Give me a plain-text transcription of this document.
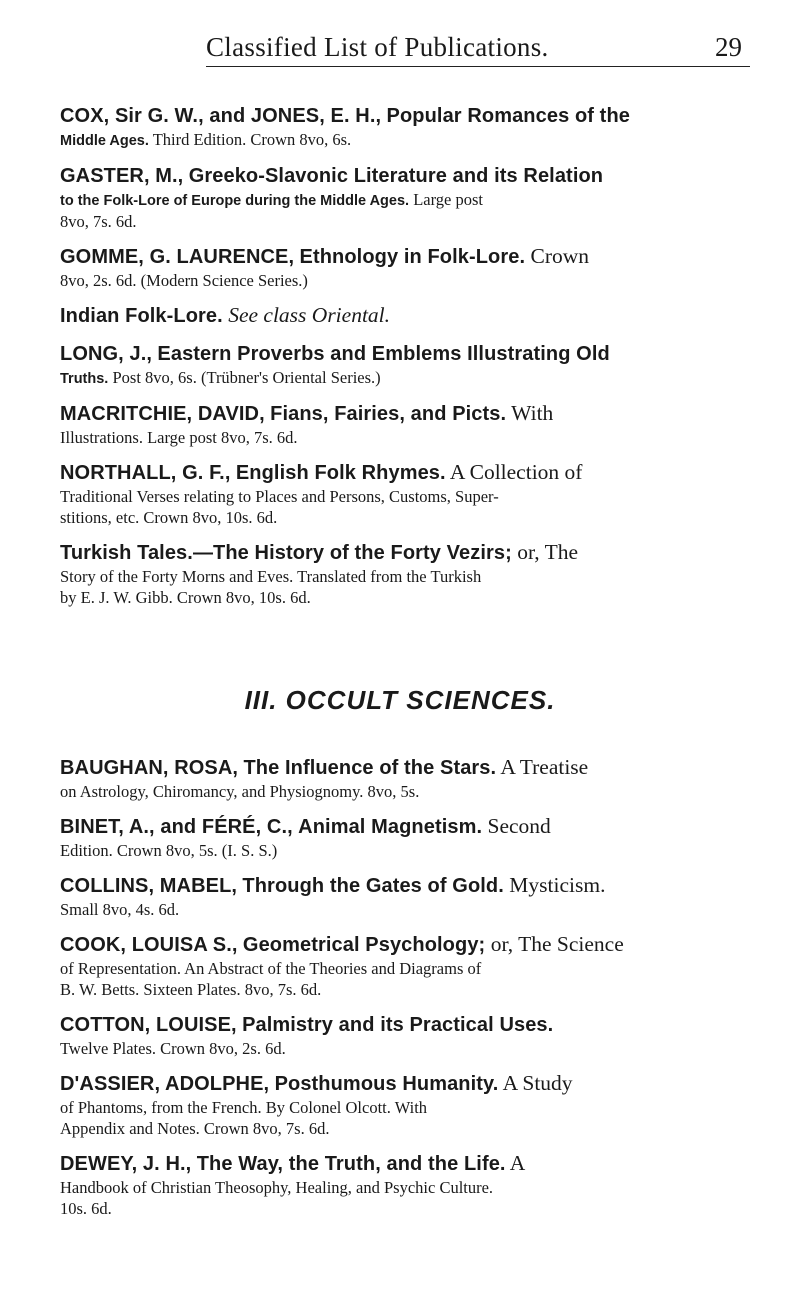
Classified List of Publications.	29
COX, Sir G. W., and JONES, E. H., Popular Romances of the
Middle Ages. Third Edition. Crown 8vo, 6s.
GASTER, M., Greeko-Slavonic Literature and its Relation
to the Folk-Lore of Europe during the Middle Ages. Large post
8vo, 7s. 6d.
GOMME, G. LAURENCE, Ethnology in Folk-Lore. Crown
8vo, 2s. 6d. (Modern Science Series.)
Indian Folk-Lore. See class Oriental.
LONG, J., Eastern Proverbs and Emblems Illustrating Old
Truths. Post 8vo, 6s. (Trübner's Oriental Series.)
MACRITCHIE, DAVID, Fians, Fairies, and Picts. With
Illustrations. Large post 8vo, 7s. 6d.
NORTHALL, G. F., English Folk Rhymes. A Collection of
Traditional Verses relating to Places and Persons, Customs, Super-
stitions, etc. Crown 8vo, 10s. 6d.
Turkish Tales.—The History of the Forty Vezirs; or, The
Story of the Forty Morns and Eves. Translated from the Turkish
by E. J. W. Gibb. Crown 8vo, 10s. 6d.
III. OCCULT SCIENCES.
BAUGHAN, ROSA, The Influence of the Stars. A Treatise
on Astrology, Chiromancy, and Physiognomy. 8vo, 5s.
BINET, A., and FÉRÉ, C., Animal Magnetism. Second
Edition. Crown 8vo, 5s. (I. S. S.)
COLLINS, MABEL, Through the Gates of Gold. Mysticism.
Small 8vo, 4s. 6d.
COOK, LOUISA S., Geometrical Psychology; or, The Science
of Representation. An Abstract of the Theories and Diagrams of
B. W. Betts. Sixteen Plates. 8vo, 7s. 6d.
COTTON, LOUISE, Palmistry and its Practical Uses.
Twelve Plates. Crown 8vo, 2s. 6d.
D'ASSIER, ADOLPHE, Posthumous Humanity. A Study
of Phantoms, from the French. By Colonel Olcott. With
Appendix and Notes. Crown 8vo, 7s. 6d.
DEWEY, J. H., The Way, the Truth, and the Life. A
Handbook of Christian Theosophy, Healing, and Psychic Culture.
10s. 6d.
